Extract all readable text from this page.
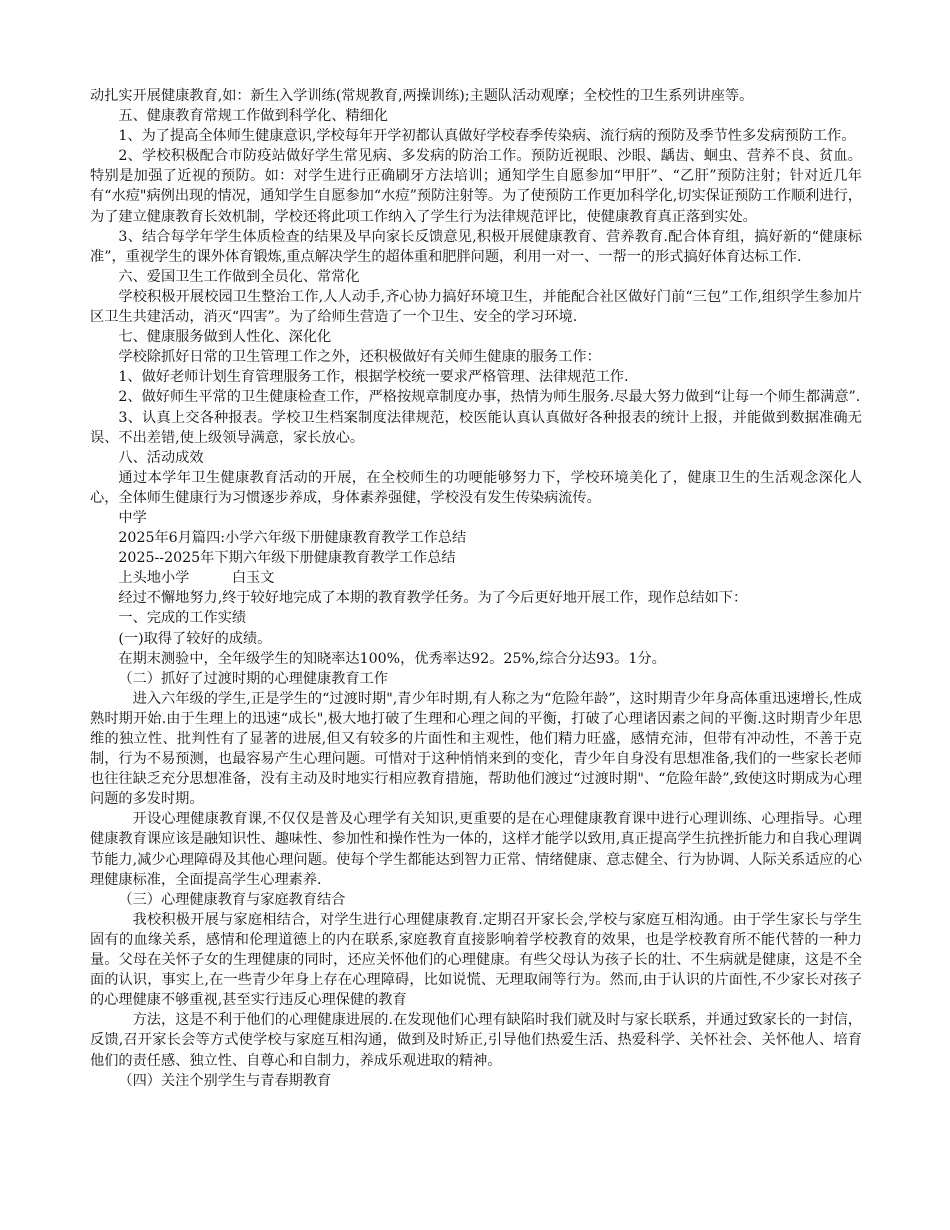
动扎实开展健康教育,如：新生入学训练(常规教育,两操训练);主题队活动观摩；全校性的卫生系列讲座等。

五、健康教育常规工作做到科学化、精细化

1、为了提高全体师生健康意识,学校每年开学初都认真做好学校春季传染病、流行病的预防及季节性多发病预防工作。

2、学校积极配合市防疫站做好学生常见病、多发病的防治工作。预防近视眼、沙眼、龋齿、蛔虫、营养不良、贫血。特别是加强了近视的预防。如：对学生进行正确刷牙方法培训；通知学生自愿参加“甲肝”、“乙肝”预防注射；针对近几年有“水痘"病例出现的情况，通知学生自愿参加“水痘”预防注射等。为了使预防工作更加科学化,切实保证预防工作顺利进行，为了建立健康教育长效机制，学校还将此项工作纳入了学生行为法律规范评比，使健康教育真正落到实处。

3、结合每学年学生体质检查的结果及早向家长反馈意见,积极开展健康教育、营养教育.配合体育组，搞好新的“健康标准”，重视学生的课外体育锻炼,重点解决学生的超体重和肥胖问题，利用一对一、一帮一的形式搞好体育达标工作.

六、爱国卫生工作做到全员化、常常化

学校积极开展校园卫生整治工作,人人动手,齐心协力搞好环境卫生，并能配合社区做好门前“三包”工作,组织学生参加片区卫生共建活动，消灭“四害”。为了给师生营造了一个卫生、安全的学习环境.

七、健康服务做到人性化、深化化

学校除抓好日常的卫生管理工作之外，还积极做好有关师生健康的服务工作：

1、做好老师计划生育管理服务工作，根据学校统一要求严格管理、法律规范工作.

2、做好师生平常的卫生健康检查工作，严格按规章制度办事，热情为师生服务.尽最大努力做到“让每一个师生都满意”.

3、认真上交各种报表。学校卫生档案制度法律规范，校医能认真认真做好各种报表的统计上报，并能做到数据准确无误、不出差错,使上级领导满意，家长放心。

八、活动成效

通过本学年卫生健康教育活动的开展，在全校师生的功哽能够努力下，学校环境美化了，健康卫生的生活观念深化人心，全体师生健康行为习惯逐步养成，身体素养强健，学校没有发生传染病流传。

中学

2025年6月篇四:小学六年级下册健康教育教学工作总结

2025--2025年下期六年级下册健康教育教学工作总结

上头地小学　　　白玉文

经过不懈地努力,终于较好地完成了本期的教育教学任务。为了今后更好地开展工作，现作总结如下：

一、完成的工作实绩

(一)取得了较好的成绩。

在期末测验中，全年级学生的知晓率达100%，优秀率达92。25%,综合分达93。1分。

（二）抓好了过渡时期的心理健康教育工作

进入六年级的学生,正是学生的“过渡时期",青少年时期,有人称之为“危险年龄”，这时期青少年身高体重迅速增长,性成熟时期开始.由于生理上的迅速“成长",极大地打破了生理和心理之间的平衡，打破了心理诸因素之间的平衡.这时期青少年思维的独立性、批判性有了显著的进展,但又有较多的片面性和主观性，他们精力旺盛，感情充沛，但带有冲动性，不善于克制，行为不易预测，也最容易产生心理问题。可惜对于这种悄悄来到的变化，青少年自身没有思想准备,我们的一些家长老师也往往缺乏充分思想准备，没有主动及时地实行相应教育措施，帮助他们渡过“过渡时期"、“危险年龄”,致使这时期成为心理问题的多发时期。

开设心理健康教育课,不仅仅是普及心理学有关知识,更重要的是在心理健康教育课中进行心理训练、心理指导。心理健康教育课应该是融知识性、趣味性、参加性和操作性为一体的，这样才能学以致用,真正提高学生抗挫折能力和自我心理调节能力,减少心理障碍及其他心理问题。使每个学生都能达到智力正常、情绪健康、意志健全、行为协调、人际关系适应的心理健康标准，全面提高学生心理素养.

（三）心理健康教育与家庭教育结合

我校积极开展与家庭相结合，对学生进行心理健康教育.定期召开家长会,学校与家庭互相沟通。由于学生家长与学生固有的血缘关系，感情和伦理道德上的内在联系,家庭教育直接影响着学校教育的效果，也是学校教育所不能代替的一种力量。父母在关怀子女的生理健康的同时，还应关怀他们的心理健康。有些父母认为孩子长的壮、不生病就是健康，这是不全面的认识，事实上,在一些青少年身上存在心理障碍，比如说慌、无理取闹等行为。然而,由于认识的片面性,不少家长对孩子的心理健康不够重视,甚至实行违反心理保健的教育

方法，这是不利于他们的心理健康进展的.在发现他们心理有缺陷时我们就及时与家长联系，并通过致家长的一封信，反馈,召开家长会等方式使学校与家庭互相沟通，做到及时矫正,引导他们热爱生活、热爱科学、关怀社会、关怀他人、培育他们的责任感、独立性、自尊心和自制力，养成乐观进取的精神。

（四）关注个别学生与青春期教育
